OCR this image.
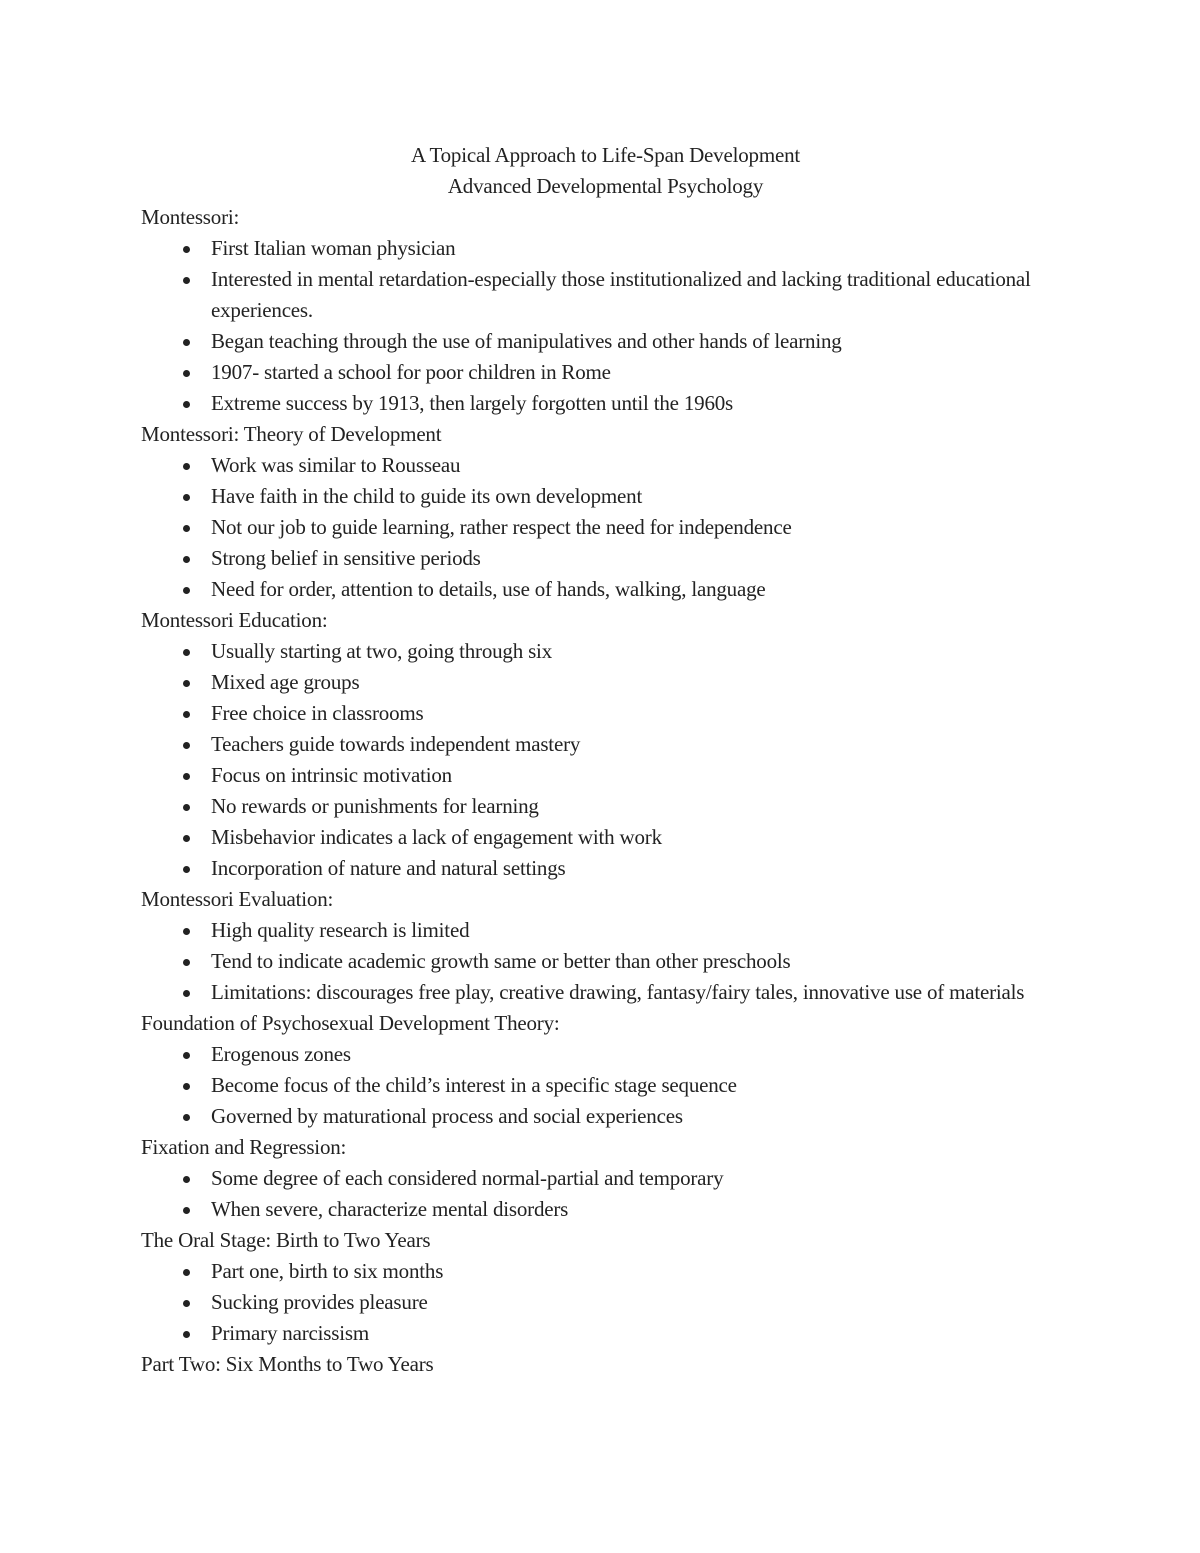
A Topical Approach to Life-Span Development

Advanced Developmental Psychology

Montessori:

First Italian woman physician
Interested in mental retardation-especially those institutionalized and lacking traditional educational experiences.
Began teaching through the use of manipulatives and other hands of learning
1907- started a school for poor children in Rome
Extreme success by 1913, then largely forgotten until the 1960s

Montessori: Theory of Development

Work was similar to Rousseau
Have faith in the child to guide its own development
Not our job to guide learning, rather respect the need for independence
Strong belief in sensitive periods
Need for order, attention to details, use of hands, walking, language

Montessori Education:

Usually starting at two, going through six
Mixed age groups
Free choice in classrooms
Teachers guide towards independent mastery
Focus on intrinsic motivation
No rewards or punishments for learning
Misbehavior indicates a lack of engagement with work
Incorporation of nature and natural settings

Montessori Evaluation:

High quality research is limited
Tend to indicate academic growth same or better than other preschools
Limitations: discourages free play, creative drawing, fantasy/fairy tales, innovative use of materials

Foundation of Psychosexual Development Theory:

Erogenous zones
Become focus of the child’s interest in a specific stage sequence
Governed by maturational process and social experiences

Fixation and Regression:

Some degree of each considered normal-partial and temporary
When severe, characterize mental disorders

The Oral Stage: Birth to Two Years

Part one, birth to six months
Sucking provides pleasure
Primary narcissism

Part Two: Six Months to Two Years
